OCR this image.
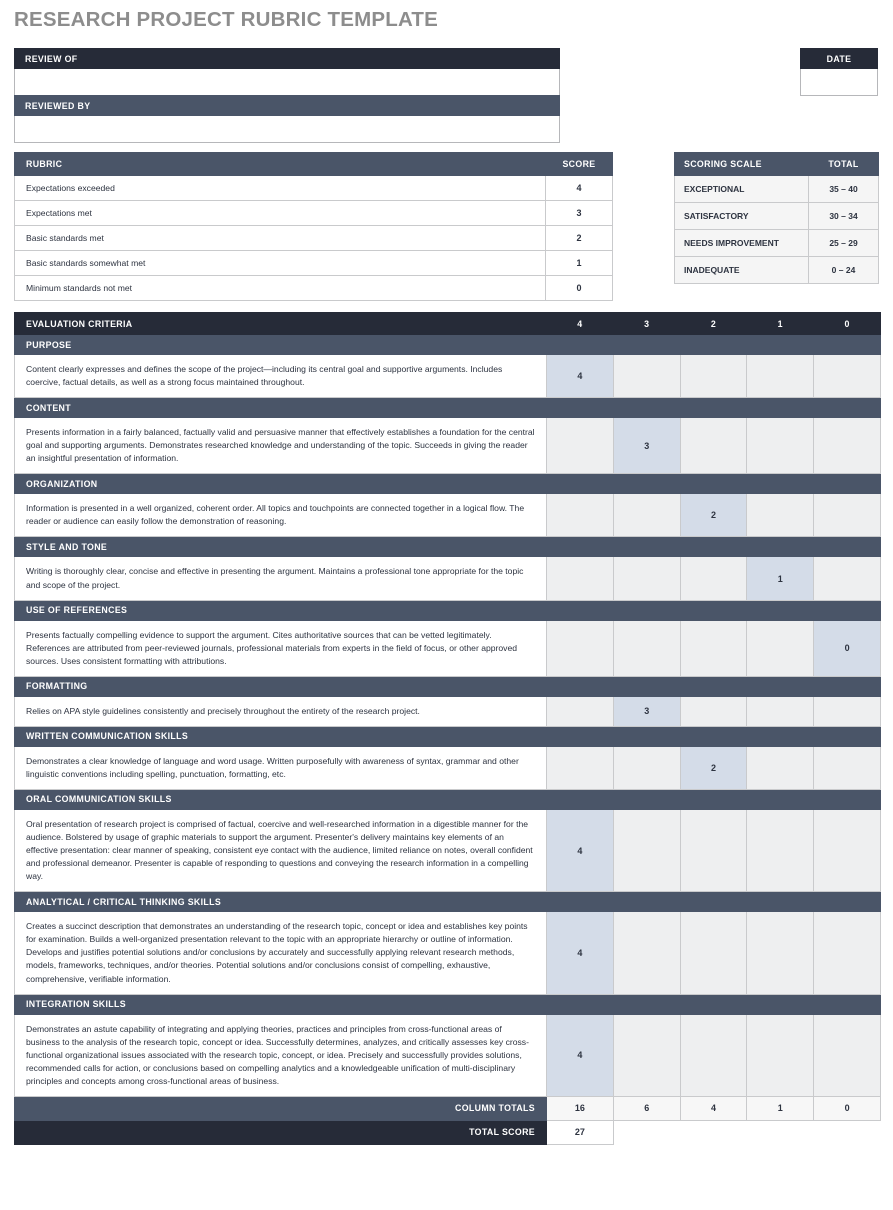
RESEARCH PROJECT RUBRIC TEMPLATE
REVIEW OF
REVIEWED BY
DATE
RUBRIC	SCORE
Expectations exceeded	4
Expectations met	3
Basic standards met	2
Basic standards somewhat met	1
Minimum standards not met	0
SCORING SCALE	TOTAL
EXCEPTIONAL	35 – 40
SATISFACTORY	30 – 34
NEEDS IMPROVEMENT	25 – 29
INADEQUATE	0 – 24
EVALUATION CRITERIA	4	3	2	1	0
PURPOSE					
Content clearly expresses and defines the scope of the project—including its central goal and supportive arguments. Includes coercive, factual details, as well as a strong focus maintained throughout.	4				
CONTENT					
Presents information in a fairly balanced, factually valid and persuasive manner that effectively establishes a foundation for the central goal and supporting arguments. Demonstrates researched knowledge and understanding of the topic. Succeeds in giving the reader an insightful presentation of information.		3			
ORGANIZATION					
Information is presented in a well organized, coherent order. All topics and touchpoints are connected together in a logical flow. The reader or audience can easily follow the demonstration of reasoning.			2		
STYLE AND TONE					
Writing is thoroughly clear, concise and effective in presenting the argument. Maintains a professional tone appropriate for the topic and scope of the project.				1	
USE OF REFERENCES					
Presents factually compelling evidence to support the argument. Cites authoritative sources that can be vetted legitimately. References are attributed from peer-reviewed journals, professional materials from experts in the field of focus, or other approved sources. Uses consistent formatting with attributions.					0
FORMATTING					
Relies on APA style guidelines consistently and precisely throughout the entirety of the research project.		3			
WRITTEN COMMUNICATION SKILLS					
Demonstrates a clear knowledge of language and word usage. Written purposefully with awareness of syntax, grammar and other linguistic conventions including spelling, punctuation, formatting, etc.			2		
ORAL COMMUNICATION SKILLS					
Oral presentation of research project is comprised of factual, coercive and well-researched information in a digestible manner for the audience. Bolstered by usage of graphic materials to support the argument. Presenter's delivery maintains key elements of an effective presentation: clear manner of speaking, consistent eye contact with the audience, limited reliance on notes, overall confident and professional demeanor. Presenter is capable of responding to questions and conveying the research information in a compelling way.	4				
ANALYTICAL / CRITICAL THINKING SKILLS					
Creates a succinct description that demonstrates an understanding of the research topic, concept or idea and establishes key points for examination. Builds a well-organized presentation relevant to the topic with an appropriate hierarchy or outline of information. Develops and justifies potential solutions and/or conclusions by accurately and successfully applying relevant research methods, models, frameworks, techniques, and/or theories. Potential solutions and/or conclusions consist of compelling, exhaustive, comprehensive, verifiable information.	4				
INTEGRATION SKILLS					
Demonstrates an astute capability of integrating and applying theories, practices and principles from cross-functional areas of business to the analysis of the research topic, concept or idea. Successfully determines, analyzes, and critically assesses key cross-functional organizational issues associated with the research topic, concept, or idea. Precisely and successfully provides solutions, recommended calls for action, or conclusions based on compelling analytics and a knowledgeable unification of multi-disciplinary principles and concepts among cross-functional areas of business.	4				
COLUMN TOTALS	16	6	4	1	0
TOTAL SCORE	27				
